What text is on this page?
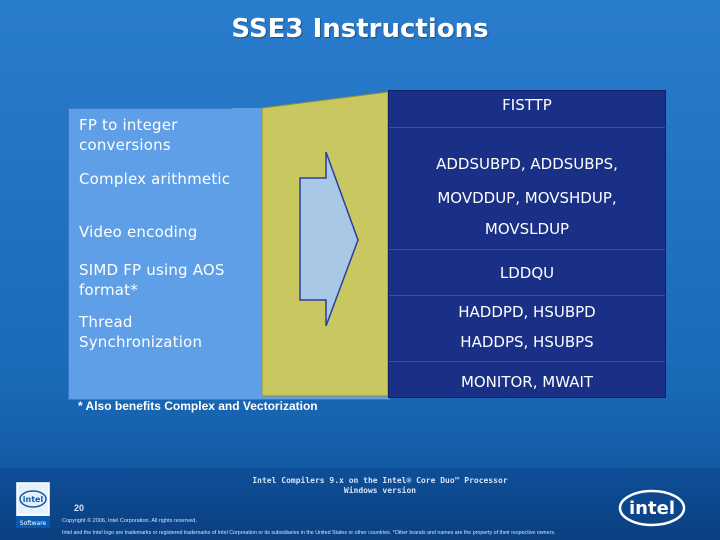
SSE3 Instructions
FP to integer conversions
Complex arithmetic
Video encoding
SIMD FP using AOS format*
Thread Synchronization
FISTTP
ADDSUBPD, ADDSUBPS,
MOVDDUP, MOVSHDUP,
MOVSLDUP
LDDQU
HADDPD, HSUBPD
HADDPS, HSUBPS
MONITOR, MWAIT
* Also benefits Complex and Vectorization
Intel Compilers 9.x on the Intel® Core Duo™ Processor
Windows version
20
Copyright © 2006, Intel Corporation. All rights reserved.
Intel and the Intel logo are trademarks or registered trademarks of Intel Corporation or its subsidiaries in the United States or other countries. *Other brands and names are the property of their respective owners.
intel
Software
intel
